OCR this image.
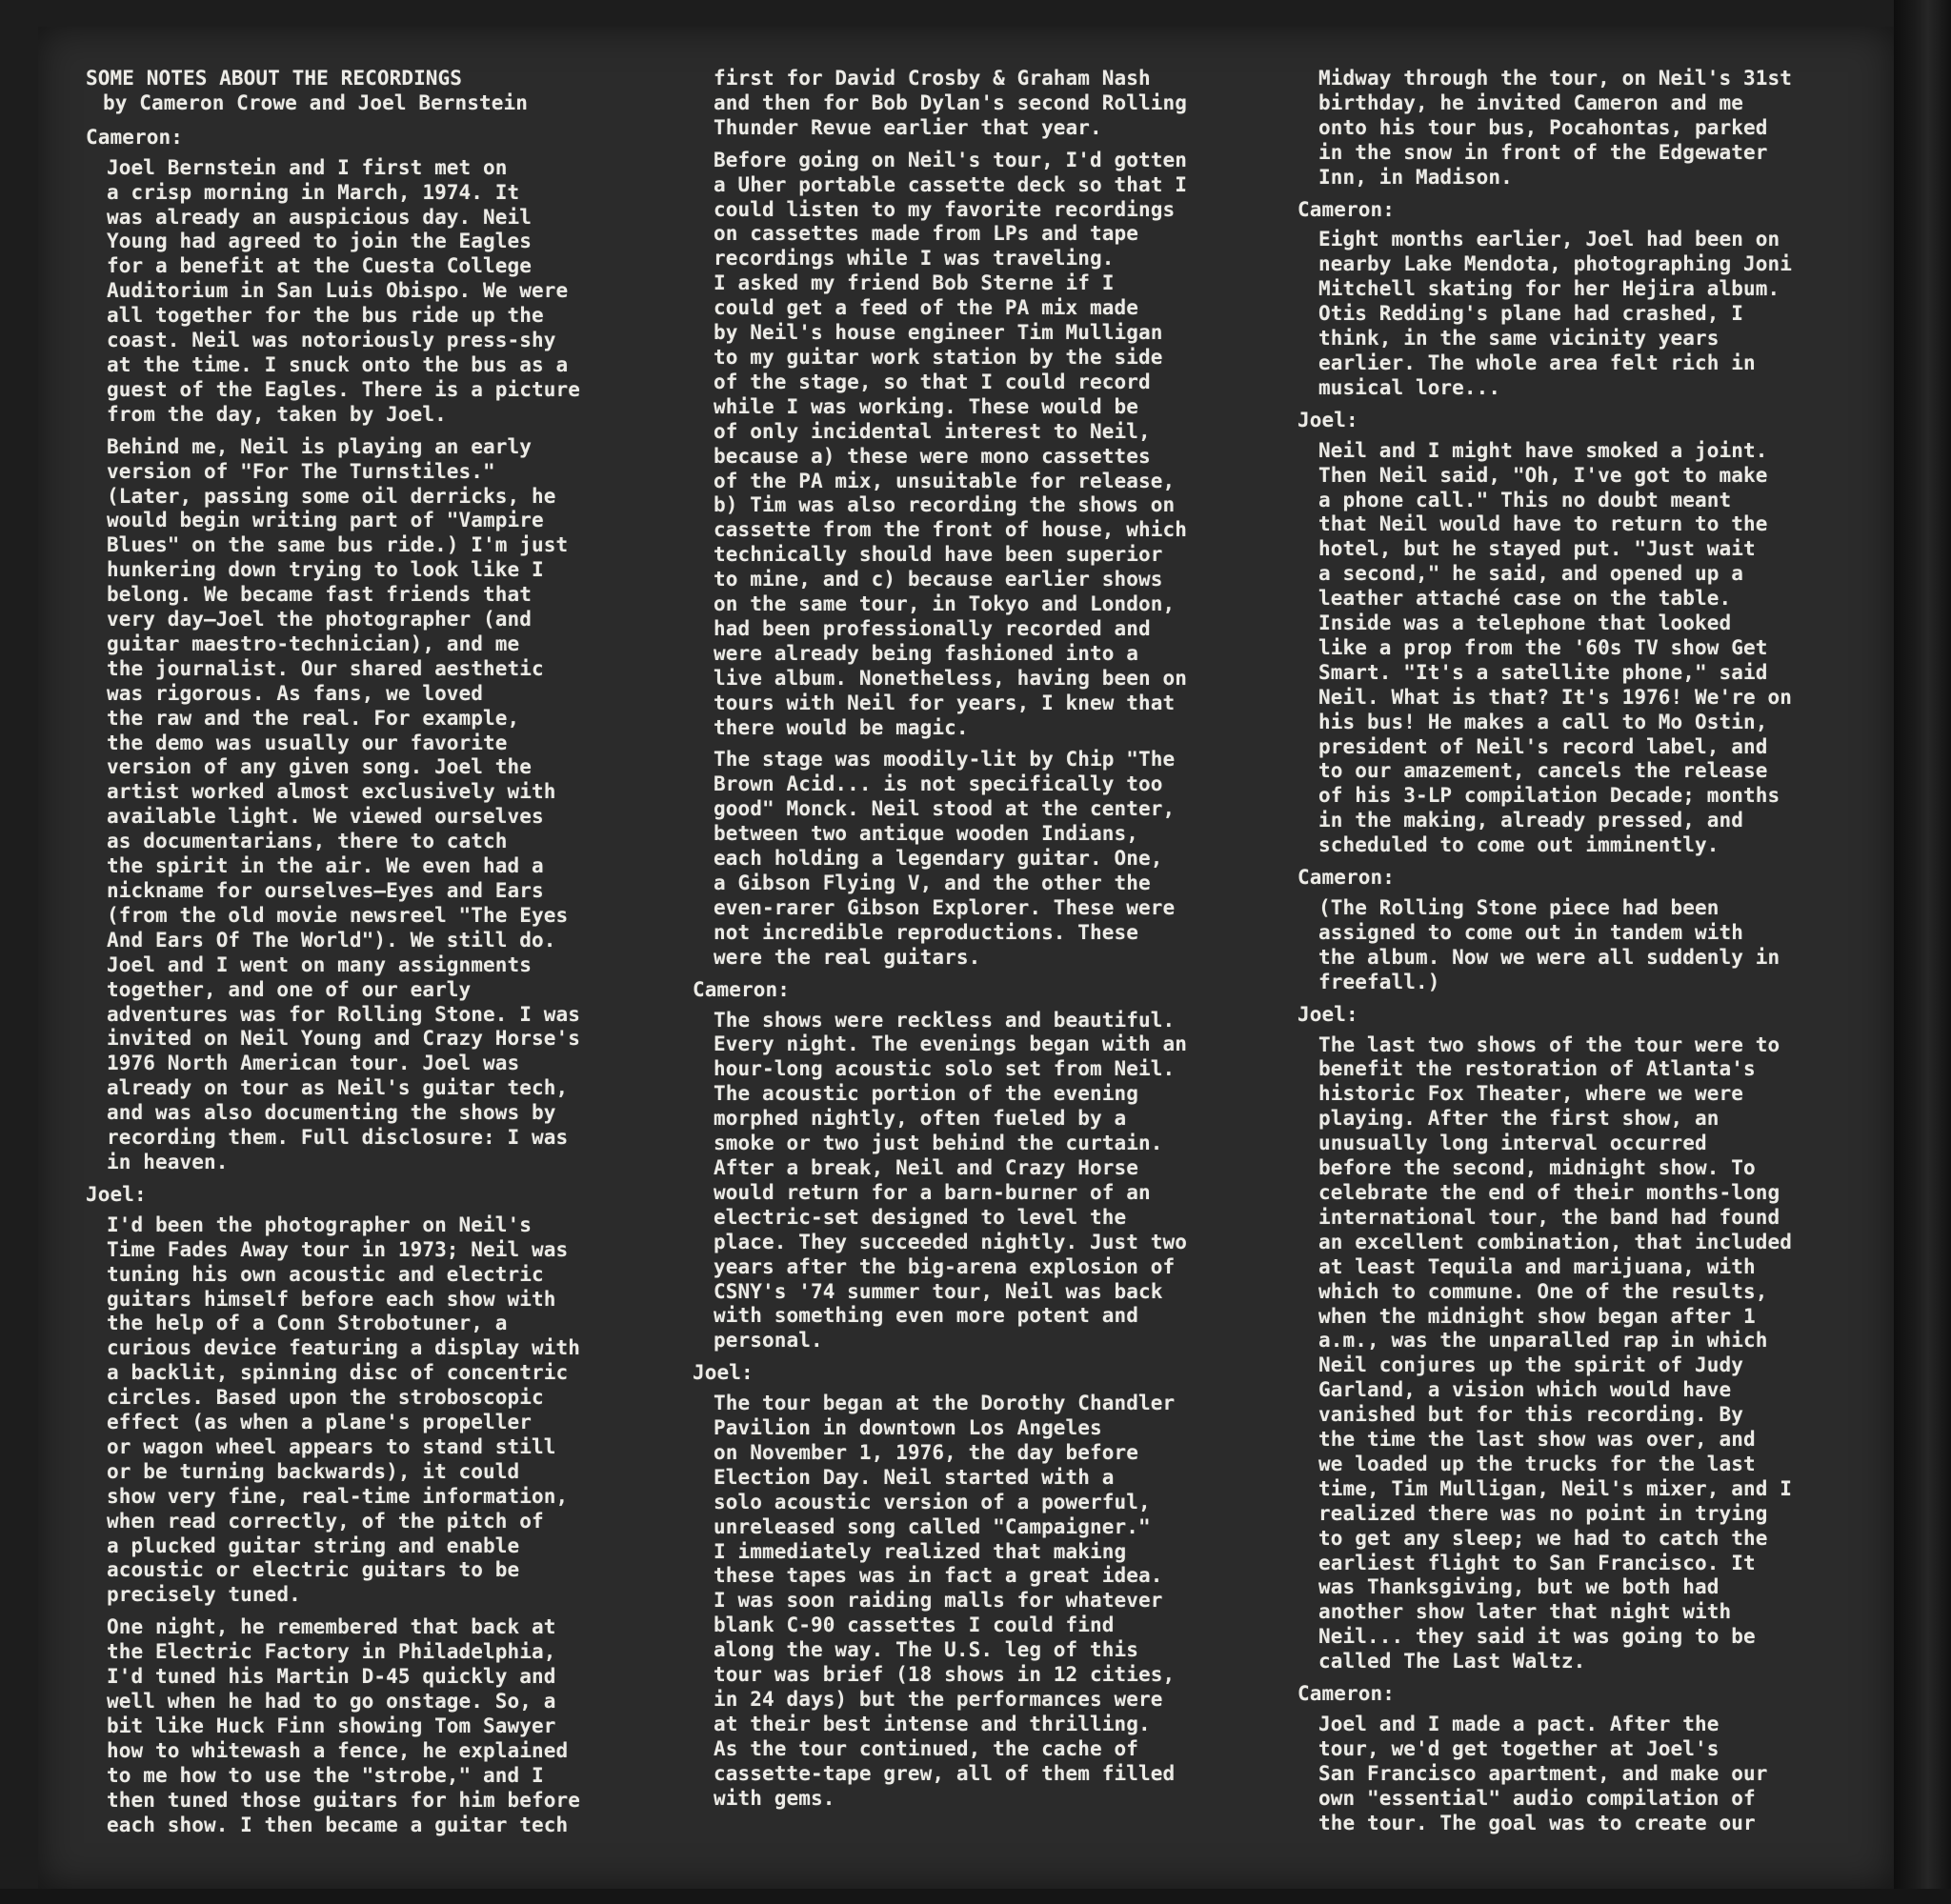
SOME NOTES ABOUT THE RECORDINGS
by Cameron Crowe and Joel Bernstein
Cameron:

Joel Bernstein and I first met on
a crisp morning in March, 1974. It
was already an auspicious day. Neil
Young had agreed to join the Eagles
for a benefit at the Cuesta College
Auditorium in San Luis Obispo. We were
all together for the bus ride up the
coast. Neil was notoriously press-shy
at the time. I snuck onto the bus as a
guest of the Eagles. There is a picture
from the day, taken by Joel.

Behind me, Neil is playing an early
version of "For The Turnstiles."
(Later, passing some oil derricks, he
would begin writing part of "Vampire
Blues" on the same bus ride.) I'm just
hunkering down trying to look like I
belong. We became fast friends that
very day—Joel the photographer (and
guitar maestro-technician), and me
the journalist. Our shared aesthetic
was rigorous. As fans, we loved
the raw and the real. For example,
the demo was usually our favorite
version of any given song. Joel the
artist worked almost exclusively with
available light. We viewed ourselves
as documentarians, there to catch
the spirit in the air. We even had a
nickname for ourselves—Eyes and Ears
(from the old movie newsreel "The Eyes
And Ears Of The World"). We still do.
Joel and I went on many assignments
together, and one of our early
adventures was for Rolling Stone. I was
invited on Neil Young and Crazy Horse's
1976 North American tour. Joel was
already on tour as Neil's guitar tech,
and was also documenting the shows by
recording them. Full disclosure: I was
in heaven.

Joel:

I'd been the photographer on Neil's
Time Fades Away tour in 1973; Neil was
tuning his own acoustic and electric
guitars himself before each show with
the help of a Conn Strobotuner, a
curious device featuring a display with
a backlit, spinning disc of concentric
circles. Based upon the stroboscopic
effect (as when a plane's propeller
or wagon wheel appears to stand still
or be turning backwards), it could
show very fine, real-time information,
when read correctly, of the pitch of
a plucked guitar string and enable
acoustic or electric guitars to be
precisely tuned.

One night, he remembered that back at
the Electric Factory in Philadelphia,
I'd tuned his Martin D-45 quickly and
well when he had to go onstage. So, a
bit like Huck Finn showing Tom Sawyer
how to whitewash a fence, he explained
to me how to use the "strobe," and I
then tuned those guitars for him before
each show. I then became a guitar tech

first for David Crosby & Graham Nash
and then for Bob Dylan's second Rolling
Thunder Revue earlier that year.

Before going on Neil's tour, I'd gotten
a Uher portable cassette deck so that I
could listen to my favorite recordings
on cassettes made from LPs and tape
recordings while I was traveling.
I asked my friend Bob Sterne if I
could get a feed of the PA mix made
by Neil's house engineer Tim Mulligan
to my guitar work station by the side
of the stage, so that I could record
while I was working. These would be
of only incidental interest to Neil,
because a) these were mono cassettes
of the PA mix, unsuitable for release,
b) Tim was also recording the shows on
cassette from the front of house, which
technically should have been superior
to mine, and c) because earlier shows
on the same tour, in Tokyo and London,
had been professionally recorded and
were already being fashioned into a
live album. Nonetheless, having been on
tours with Neil for years, I knew that
there would be magic.

The stage was moodily-lit by Chip "The
Brown Acid... is not specifically too
good" Monck. Neil stood at the center,
between two antique wooden Indians,
each holding a legendary guitar. One,
a Gibson Flying V, and the other the
even-rarer Gibson Explorer. These were
not incredible reproductions. These
were the real guitars.

Cameron:

The shows were reckless and beautiful.
Every night. The evenings began with an
hour-long acoustic solo set from Neil.
The acoustic portion of the evening
morphed nightly, often fueled by a
smoke or two just behind the curtain.
After a break, Neil and Crazy Horse
would return for a barn-burner of an
electric-set designed to level the
place. They succeeded nightly. Just two
years after the big-arena explosion of
CSNY's '74 summer tour, Neil was back
with something even more potent and
personal.

Joel:

The tour began at the Dorothy Chandler
Pavilion in downtown Los Angeles
on November 1, 1976, the day before
Election Day. Neil started with a
solo acoustic version of a powerful,
unreleased song called "Campaigner."
I immediately realized that making
these tapes was in fact a great idea.
I was soon raiding malls for whatever
blank C-90 cassettes I could find
along the way. The U.S. leg of this
tour was brief (18 shows in 12 cities,
in 24 days) but the performances were
at their best intense and thrilling.
As the tour continued, the cache of
cassette-tape grew, all of them filled
with gems.

Midway through the tour, on Neil's 31st
birthday, he invited Cameron and me
onto his tour bus, Pocahontas, parked
in the snow in front of the Edgewater
Inn, in Madison.

Cameron:

Eight months earlier, Joel had been on
nearby Lake Mendota, photographing Joni
Mitchell skating for her Hejira album.
Otis Redding's plane had crashed, I
think, in the same vicinity years
earlier. The whole area felt rich in
musical lore...

Joel:

Neil and I might have smoked a joint.
Then Neil said, "Oh, I've got to make
a phone call." This no doubt meant
that Neil would have to return to the
hotel, but he stayed put. "Just wait
a second," he said, and opened up a
leather attaché case on the table.
Inside was a telephone that looked
like a prop from the '60s TV show Get
Smart. "It's a satellite phone," said
Neil. What is that? It's 1976! We're on
his bus! He makes a call to Mo Ostin,
president of Neil's record label, and
to our amazement, cancels the release
of his 3-LP compilation Decade; months
in the making, already pressed, and
scheduled to come out imminently.

Cameron:

(The Rolling Stone piece had been
assigned to come out in tandem with
the album. Now we were all suddenly in
freefall.)

Joel:

The last two shows of the tour were to
benefit the restoration of Atlanta's
historic Fox Theater, where we were
playing. After the first show, an
unusually long interval occurred
before the second, midnight show. To
celebrate the end of their months-long
international tour, the band had found
an excellent combination, that included
at least Tequila and marijuana, with
which to commune. One of the results,
when the midnight show began after 1
a.m., was the unparalled rap in which
Neil conjures up the spirit of Judy
Garland, a vision which would have
vanished but for this recording. By
the time the last show was over, and
we loaded up the trucks for the last
time, Tim Mulligan, Neil's mixer, and I
realized there was no point in trying
to get any sleep; we had to catch the
earliest flight to San Francisco. It
was Thanksgiving, but we both had
another show later that night with
Neil... they said it was going to be
called The Last Waltz.

Cameron:

Joel and I made a pact. After the
tour, we'd get together at Joel's
San Francisco apartment, and make our
own "essential" audio compilation of
the tour. The goal was to create our
